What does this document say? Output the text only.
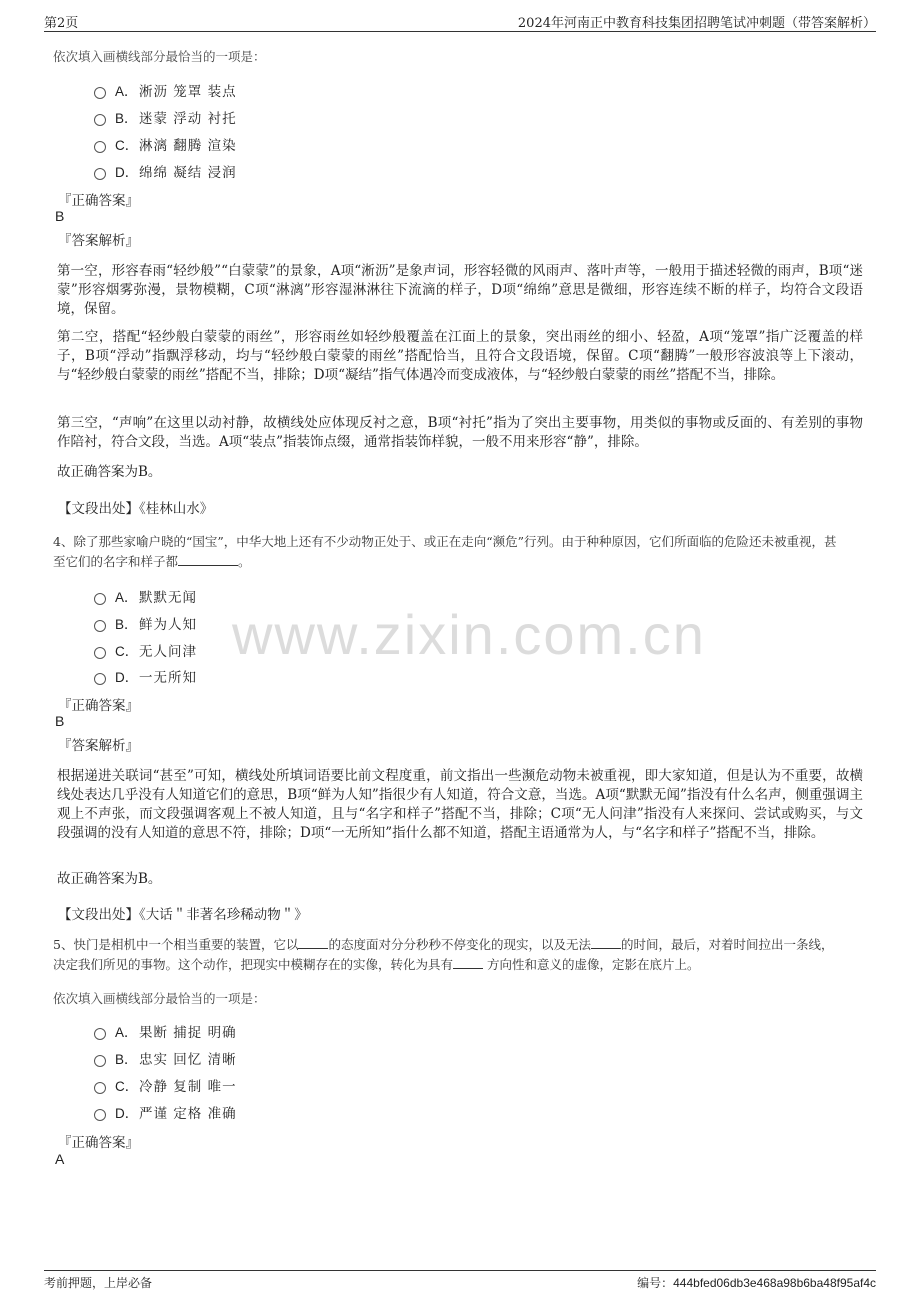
第2页	2024年河南正中教育科技集团招聘笔试冲刺题（带答案解析）
www.zixin.com.cn
依次填入画横线部分最恰当的一项是：
A． 淅沥 笼罩 装点
B． 迷蒙 浮动 衬托
C． 淋漓 翻腾 渲染
D． 绵绵 凝结 浸润
『正确答案』
B
『答案解析』
第一空，形容春雨“轻纱般”“白蒙蒙”的景象，A项“淅沥”是象声词，形容轻微的风雨声、落叶声等，一般用于描述轻微的雨声，B项“迷蒙”形容烟雾弥漫，景物模糊，C项“淋漓”形容湿淋淋往下流滴的样子，D项“绵绵”意思是微细，形容连续不断的样子，均符合文段语境，保留。
第二空，搭配“轻纱般白蒙蒙的雨丝”，形容雨丝如轻纱般覆盖在江面上的景象，突出雨丝的细小、轻盈，A项“笼罩”指广泛覆盖的样子，B项“浮动”指飘浮移动，均与“轻纱般白蒙蒙的雨丝”搭配恰当，且符合文段语境，保留。C项“翻腾”一般形容波浪等上下滚动，与“轻纱般白蒙蒙的雨丝”搭配不当，排除；D项“凝结”指气体遇冷而变成液体，与“轻纱般白蒙蒙的雨丝”搭配不当，排除。
第三空，“声响”在这里以动衬静，故横线处应体现反衬之意，B项“衬托”指为了突出主要事物，用类似的事物或反面的、有差别的事物作陪衬，符合文段，当选。A项“装点”指装饰点缀，通常指装饰样貌，一般不用来形容“静”，排除。
故正确答案为B。
【文段出处】《桂林山水》
4、除了那些家喻户晓的“国宝”，中华大地上还有不少动物正处于、或正在走向“濒危”行列。由于种种原因，它们所面临的危险还未被重视，甚
至它们的名字和样子都	。
A． 默默无闻
B． 鲜为人知
C． 无人问津
D． 一无所知
『正确答案』
B
『答案解析』
根据递进关联词“甚至”可知，横线处所填词语要比前文程度重，前文指出一些濒危动物未被重视，即大家知道，但是认为不重要，故横线处表达几乎没有人知道它们的意思，B项“鲜为人知”指很少有人知道，符合文意，当选。A项“默默无闻”指没有什么名声，侧重强调主观上不声张，而文段强调客观上不被人知道，且与“名字和样子”搭配不当，排除；C项“无人问津”指没有人来探问、尝试或购买，与文段强调的没有人知道的意思不符，排除；D项“一无所知”指什么都不知道，搭配主语通常为人，与“名字和样子”搭配不当，排除。
故正确答案为B。
【文段出处】《大话＂非著名珍稀动物＂》
5、快门是相机中一个相当重要的装置，它以 的态度面对分分秒秒不停变化的现实，以及无法 的时间，最后，对着时间拉出一条线，
决定我们所见的事物。这个动作，把现实中模糊存在的实像，转化为具有 方向性和意义的虚像，定影在底片上。
依次填入画横线部分最恰当的一项是：
A． 果断 捕捉 明确
B． 忠实 回忆 清晰
C． 冷静 复制 唯一
D． 严谨 定格 准确
『正确答案』
A
考前押题，上岸必备	编号：444bfed06db3e468a98b6ba48f95af4c
